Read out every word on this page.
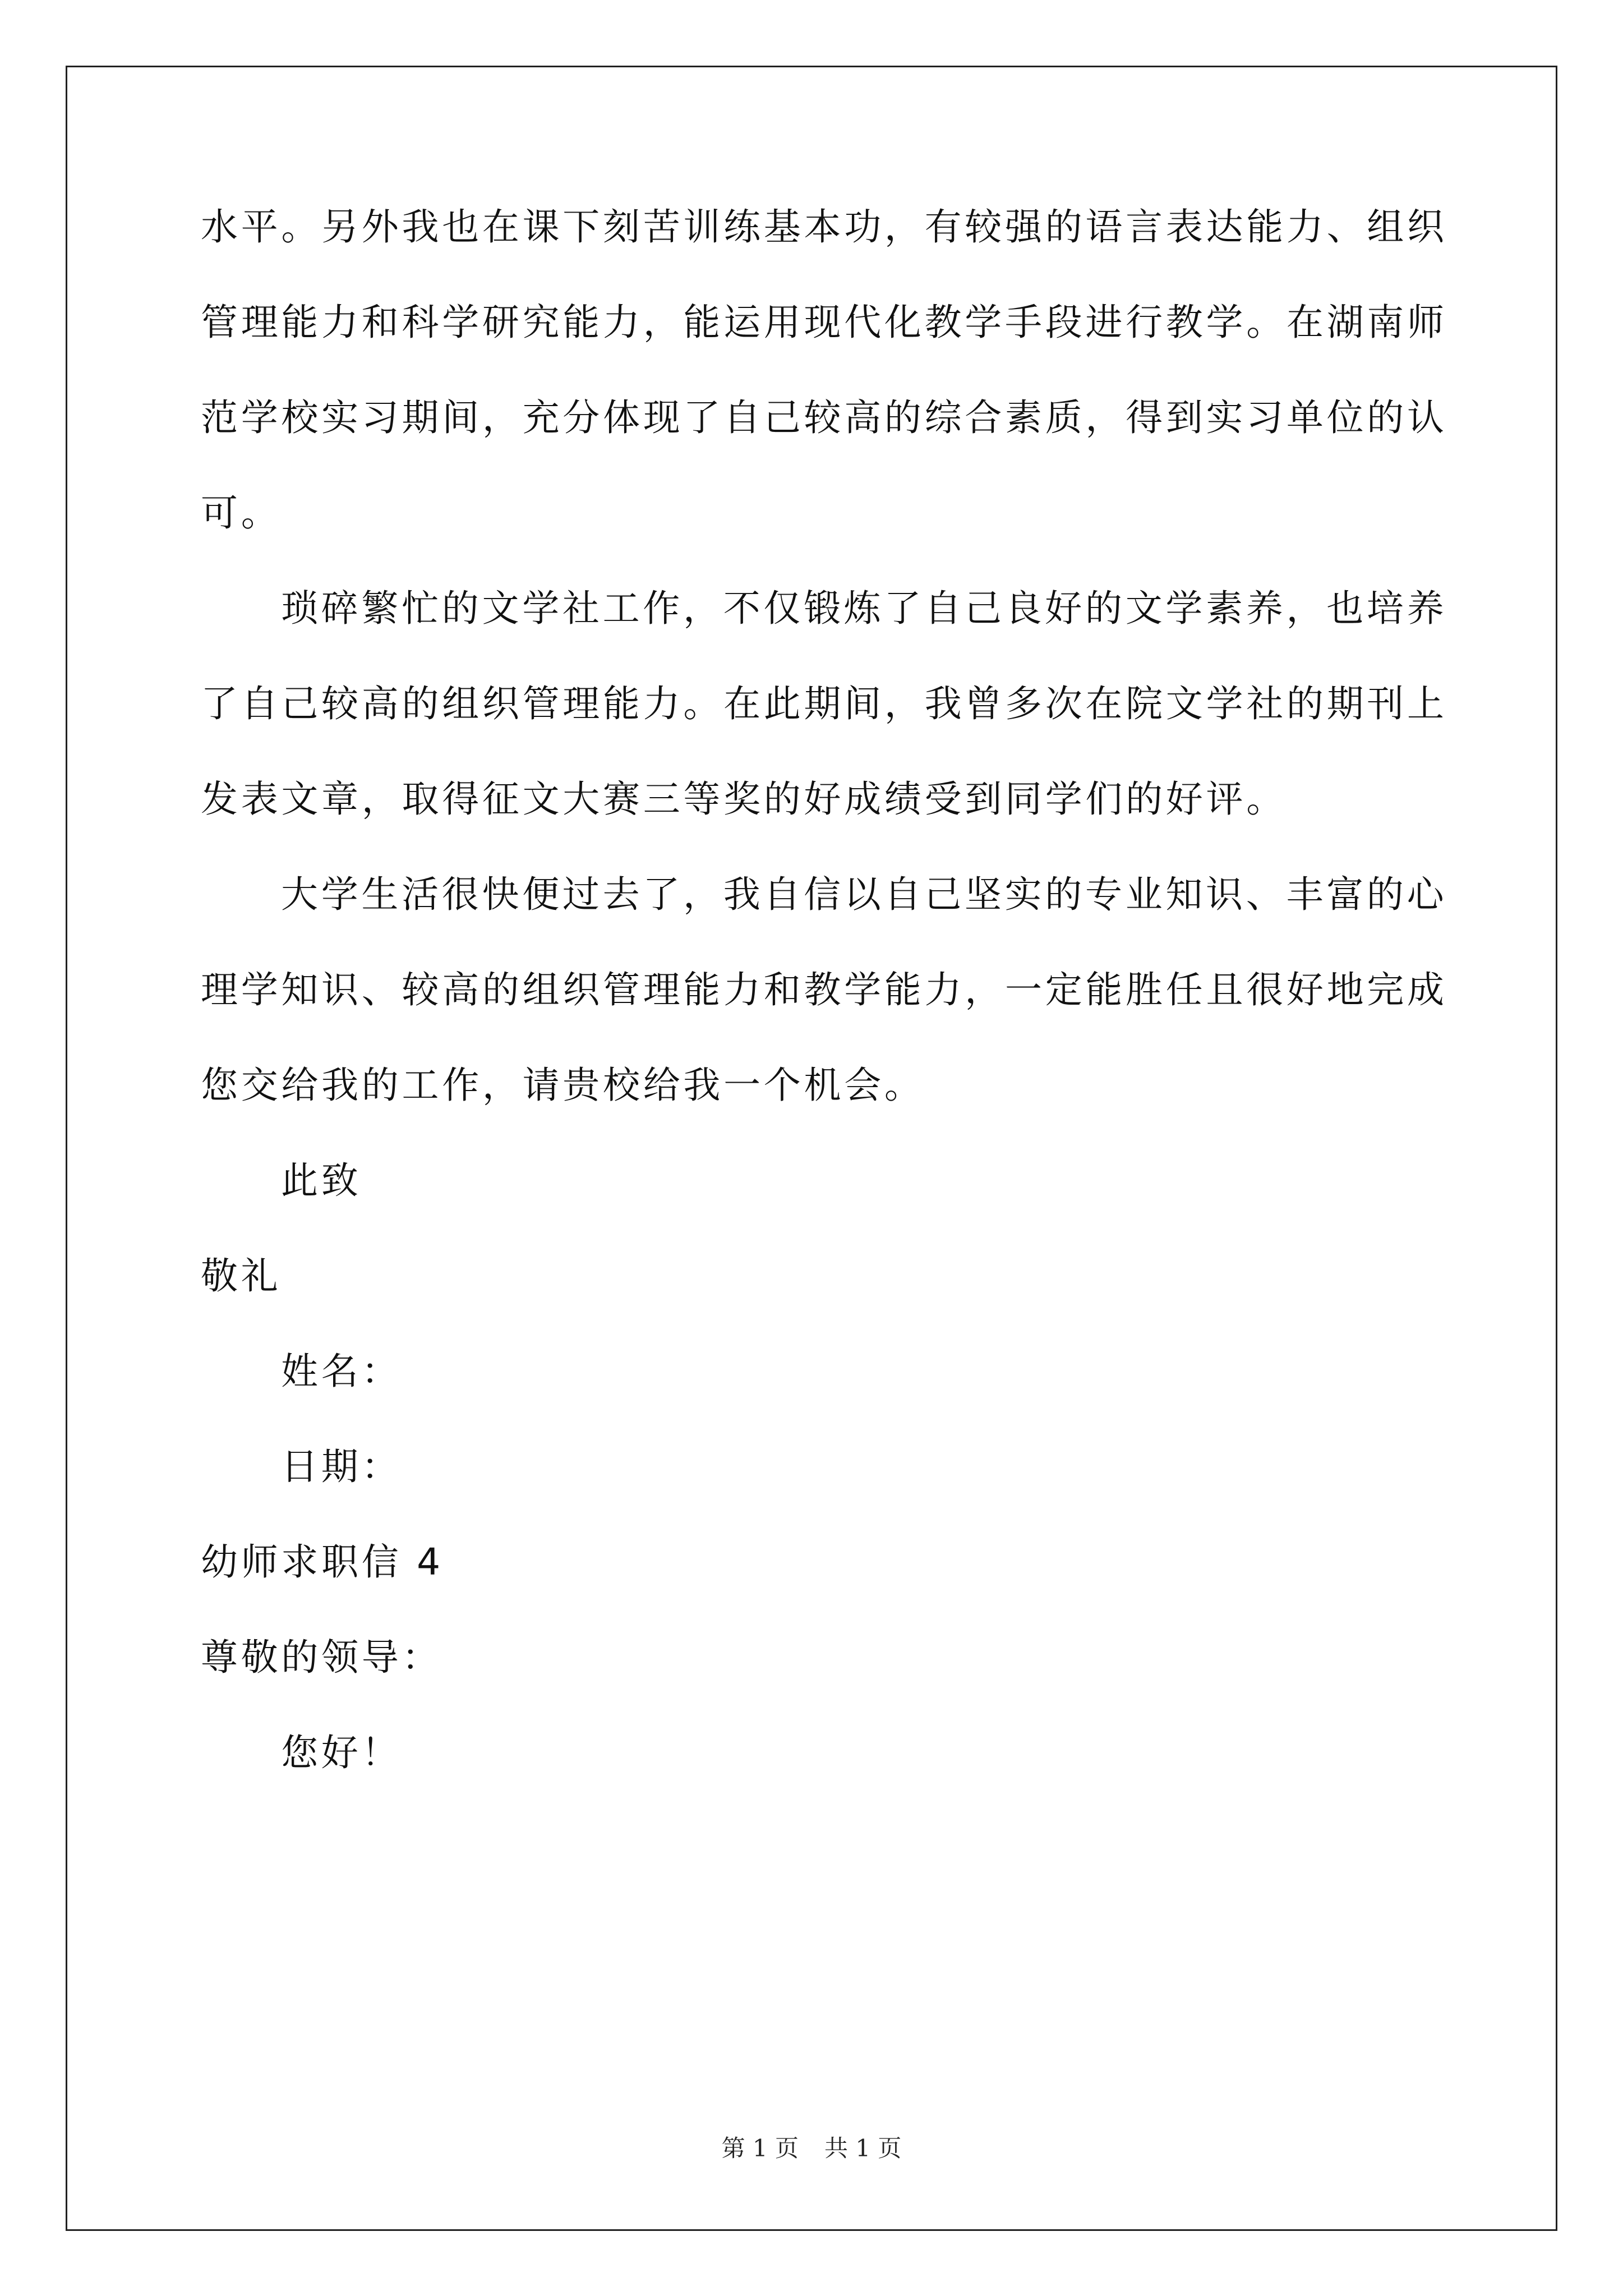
水平。另外我也在课下刻苦训练基本功，有较强的语言表达能力、组织
管理能力和科学研究能力，能运用现代化教学手段进行教学。在湖南师
范学校实习期间，充分体现了自己较高的综合素质，得到实习单位的认
可。
琐碎繁忙的文学社工作，不仅锻炼了自己良好的文学素养，也培养
了自己较高的组织管理能力。在此期间，我曾多次在院文学社的期刊上
发表文章，取得征文大赛三等奖的好成绩受到同学们的好评。
大学生活很快便过去了，我自信以自己坚实的专业知识、丰富的心
理学知识、较高的组织管理能力和教学能力，一定能胜任且很好地完成
您交给我的工作，请贵校给我一个机会。
此致
敬礼
姓名：
日期：
幼师求职信 4
尊敬的领导：
您好！
第 1 页 共 1 页
